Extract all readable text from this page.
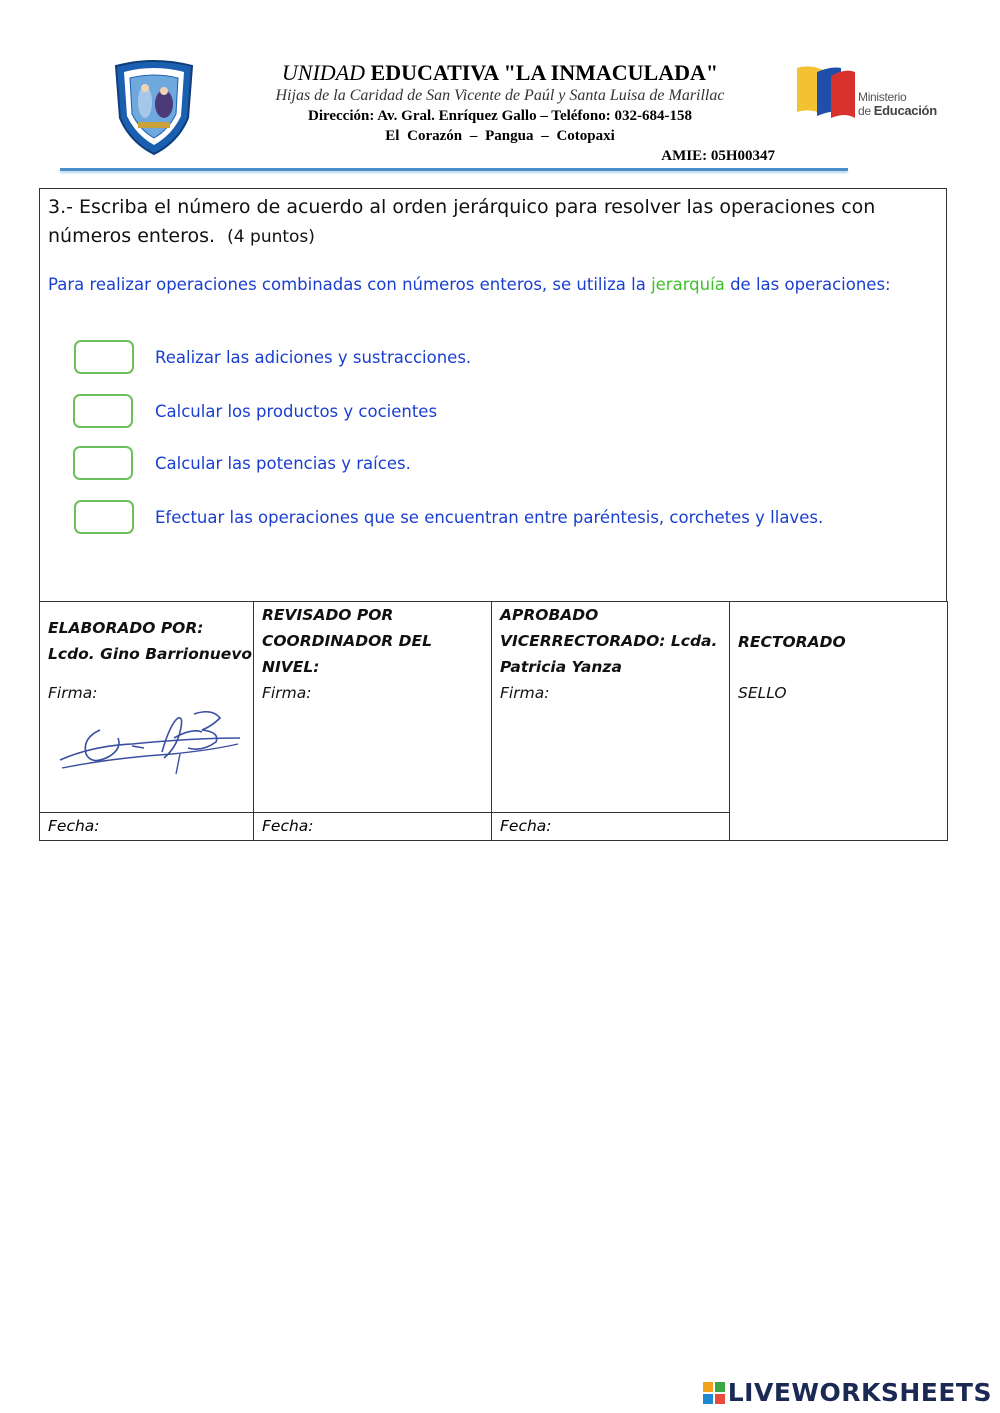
UNIDAD EDUCATIVA "LA INMACULADA"
Hijas de la Caridad de San Vicente de Paúl y Santa Luisa de Marillac
Dirección: Av. Gral. Enríquez Gallo – Teléfono: 032-684-158
El Corazón – Pangua – Cotopaxi
AMIE: 05H00347
Ministerio
de Educación
3.- Escriba el número de acuerdo al orden jerárquico para resolver las operaciones con números enteros. (4 puntos)
Para realizar operaciones combinadas con números enteros, se utiliza la jerarquía de las operaciones:
Realizar las adiciones y sustracciones.
Calcular los productos y cocientes
Calcular las potencias y raíces.
Efectuar las operaciones que se encuentran entre paréntesis, corchetes y llaves.
ELABORADO POR:
Lcdo. Gino Barrionuevo
Firma:
REVISADO POR
COORDINADOR DEL
NIVEL:
Firma:
APROBADO
VICERRECTORADO: Lcda.
Patricia Yanza
Firma:
RECTORADO
SELLO
Fecha:	Fecha:	Fecha:
LIVEWORKSHEETS
